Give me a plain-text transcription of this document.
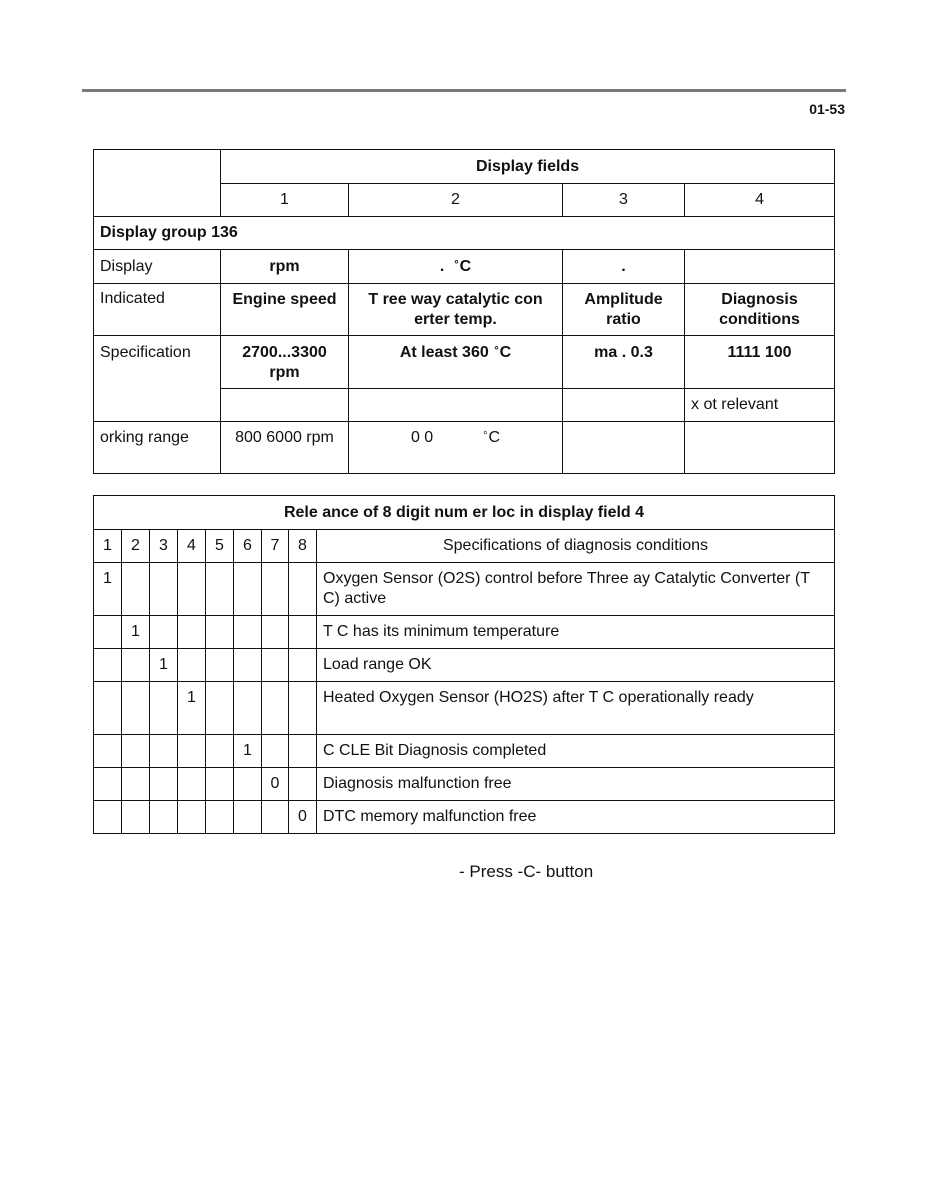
01-53
	Display fields			
	1	2	3	4
Display group 136				
Display	rpm	. °C	.	
Indicated	Engine speed	T ree way catalytic con erter temp.	Amplitude ratio	Diagnosis conditions
Specification	2700...3300 rpm	At least 360 °C	ma . 0.3	1111 100
				x ot relevant
orking range	800 6000 rpm	0 0 °C		
Rele ance of 8 digit num er loc in display field 4								
1	2	3	4	5	6	7	8	Specifications of diagnosis conditions
1								Oxygen Sensor (O2S) control before Three ay Catalytic Converter (T C) active
	1							T C has its minimum temperature
		1						Load range OK
			1					Heated Oxygen Sensor (HO2S) after T C operationally ready
					1			C CLE Bit Diagnosis completed
						0		Diagnosis malfunction free
							0	DTC memory malfunction free
- Press -C- button
